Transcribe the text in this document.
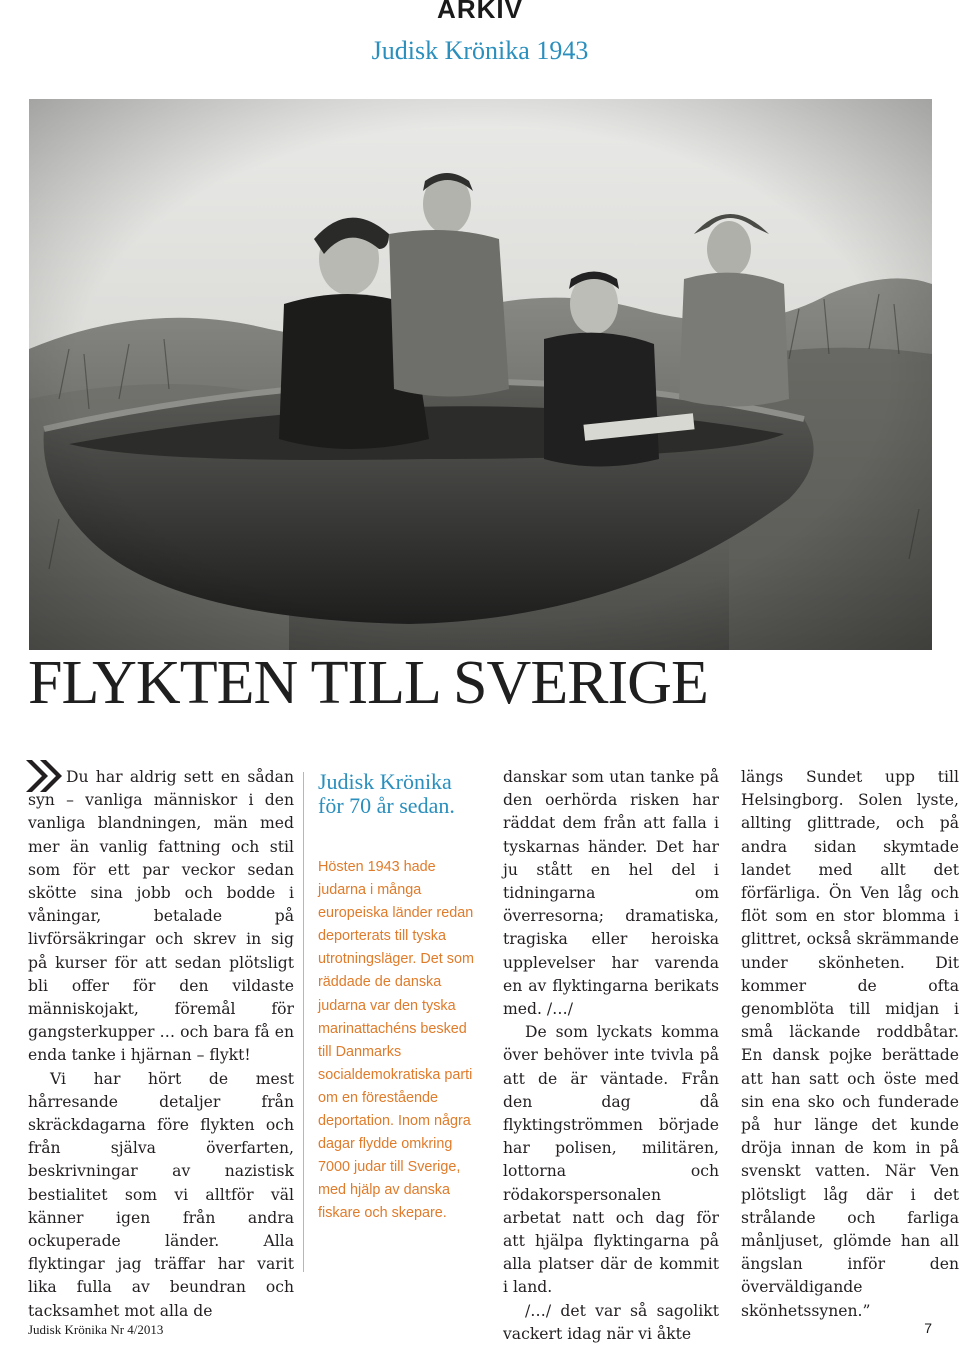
ARKIV
Judisk Krönika 1943
FLYKTEN TILL SVERIGE

Du har aldrig sett en sådan syn – vanliga människor i den vanliga blandningen, män med mer än vanlig fattning och stil som för ett par veckor sedan skötte sina jobb och bodde i våningar, betalade på livförsäkringar och skrev in sig på kurser för att sedan plötsligt bli offer för den vildaste människojakt, föremål för gangsterkupper … och bara få en enda tanke i hjärnan – flykt!

Vi har hört de mest hårresande detaljer från skräckdagarna före flykten och från själva överfarten, beskrivningar av nazistisk bestialitet som vi alltför väl känner igen från andra ockuperade länder. Alla flyktingar jag träffar har varit lika fulla av beundran och tacksamhet mot alla de

Judisk Krönika
för 70 år sedan.

Hösten 1943 hade judarna i många europeiska länder redan deporterats till tyska utrotningsläger. Det som räddade de danska judarna var den tyska marinattachéns besked till Danmarks socialdemokratiska parti om en förestående deportation. Inom några dagar flydde omkring 7000 judar till Sverige, med hjälp av danska fiskare och skepare.

danskar som utan tanke på den oerhörda risken har räddat dem från att falla i tyskarnas händer. Det har ju stått en hel del i tidningarna om överresorna; dramatiska, tragiska eller heroiska upplevelser har varenda en av flyktingarna berikats med. /…/

De som lyckats komma över behöver inte tvivla på att de är väntade. Från den dag då flyktingströmmen började har polisen, militären, lottorna och rödakorspersonalen arbetat natt och dag för att hjälpa flyktingarna på alla platser där de kommit i land.

/…/ det var så sagolikt vackert idag när vi åkte

längs Sundet upp till Helsingborg. Solen lyste, allting glittrade, och på andra sidan skymtade landet med allt det förfärliga. Ön Ven låg och flöt som en stor blomma i glittret, också skrämmande under skönheten. Dit kommer de ofta genomblöta till midjan i små läckande roddbåtar. En dansk pojke berättade att han satt och öste med sin ena sko och funderade på hur länge det kunde dröja innan de kom in på svenskt vatten. När Ven plötsligt låg där i det strålande och farliga månljuset, glömde han all ängslan inför den överväldigande skönhetssynen.”

Judisk Krönika Nr 4/2013	7
